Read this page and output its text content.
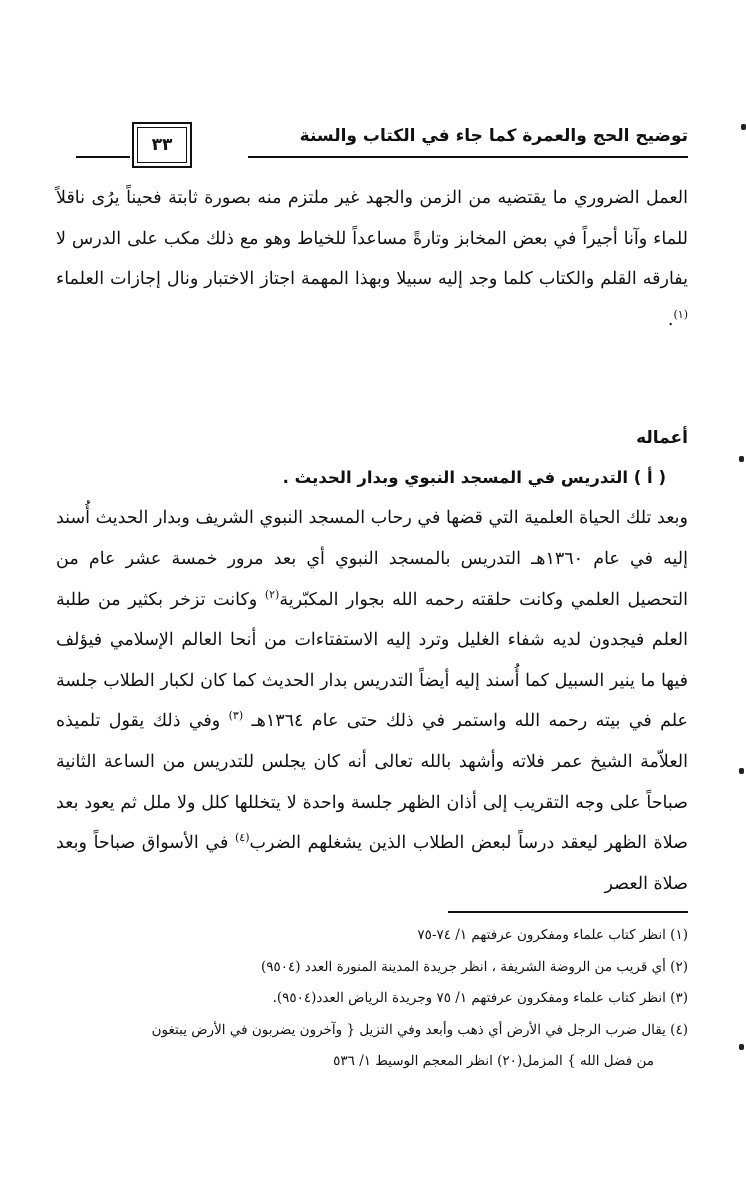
توضيح الحج والعمرة كما جاء في الكتاب والسنة
٣٣

العمل الضروري ما يقتضيه من الزمن والجهد غير ملتزم منه بصورة ثابتة فحيناً يرُى ناقلاً للماء وآنا أجيراً في بعض المخابز وتارةً مساعداً للخياط وهو مع ذلك مكب على الدرس لا يفارقه القلم والكتاب كلما وجد إليه سبيلا وبهذا المهمة اجتاز الاختبار ونال إجازات العلماء $^{(١)}$.

أعماله

( أ ) التدريس في المسجد النبوي وبدار الحديث .

وبعد تلك الحياة العلمية التي قضها في رحاب المسجد النبوي الشريف وبدار الحديث أُسند إليه في عام ١٣٦٠هـ التدريس بالمسجد النبوي أي بعد مرور خمسة عشر عام من التحصيل العلمي وكانت حلقته رحمه الله بجوار المكبّرية$^{(٢)}$ وكانت تزخر بكثير من طلبة العلم فيجدون لديه شفاء الغليل وترد إليه الاستفتاءات من أنحا العالم الإسلامي فيؤلف فيها ما ينير السبيل كما أُسند إليه أيضاً التدريس بدار الحديث كما كان لكبار الطلاب جلسة علم في بيته رحمه الله واستمر في ذلك حتى عام ١٣٦٤هـ $^{(٣)}$ وفي ذلك يقول تلميذه العلاّمة الشيخ عمر فلاته وأشهد بالله تعالى أنه كان يجلس للتدريس من الساعة الثانية صباحاً على وجه التقريب إلى أذان الظهر جلسة واحدة لا يتخللها كلل ولا ملل ثم يعود بعد صلاة الظهر ليعقد درساً لبعض الطلاب الذين يشغلهم الضرب$^{(٤)}$ في الأسواق صباحاً وبعد صلاة العصر

(١) انظر كتاب علماء ومفكرون عرفتهم ١/ ٧٤-٧٥

(٢) أي قريب من الروضة الشريفة ، انظر جريدة المدينة المنورة العدد (٩٥٠٤)

(٣) انظر كتاب علماء ومفكرون عرفتهم ١/ ٧٥ وجريدة الرياض العدد(٩٥٠٤).

(٤) يقال ضرب الرجل في الأرض أي ذهب وأبعد وفي التزيل { وآخرون يضربون في الأرض يبتغون

من فضل الله } المزمل(٢٠) انظر المعجم الوسيط ١/ ٥٣٦
